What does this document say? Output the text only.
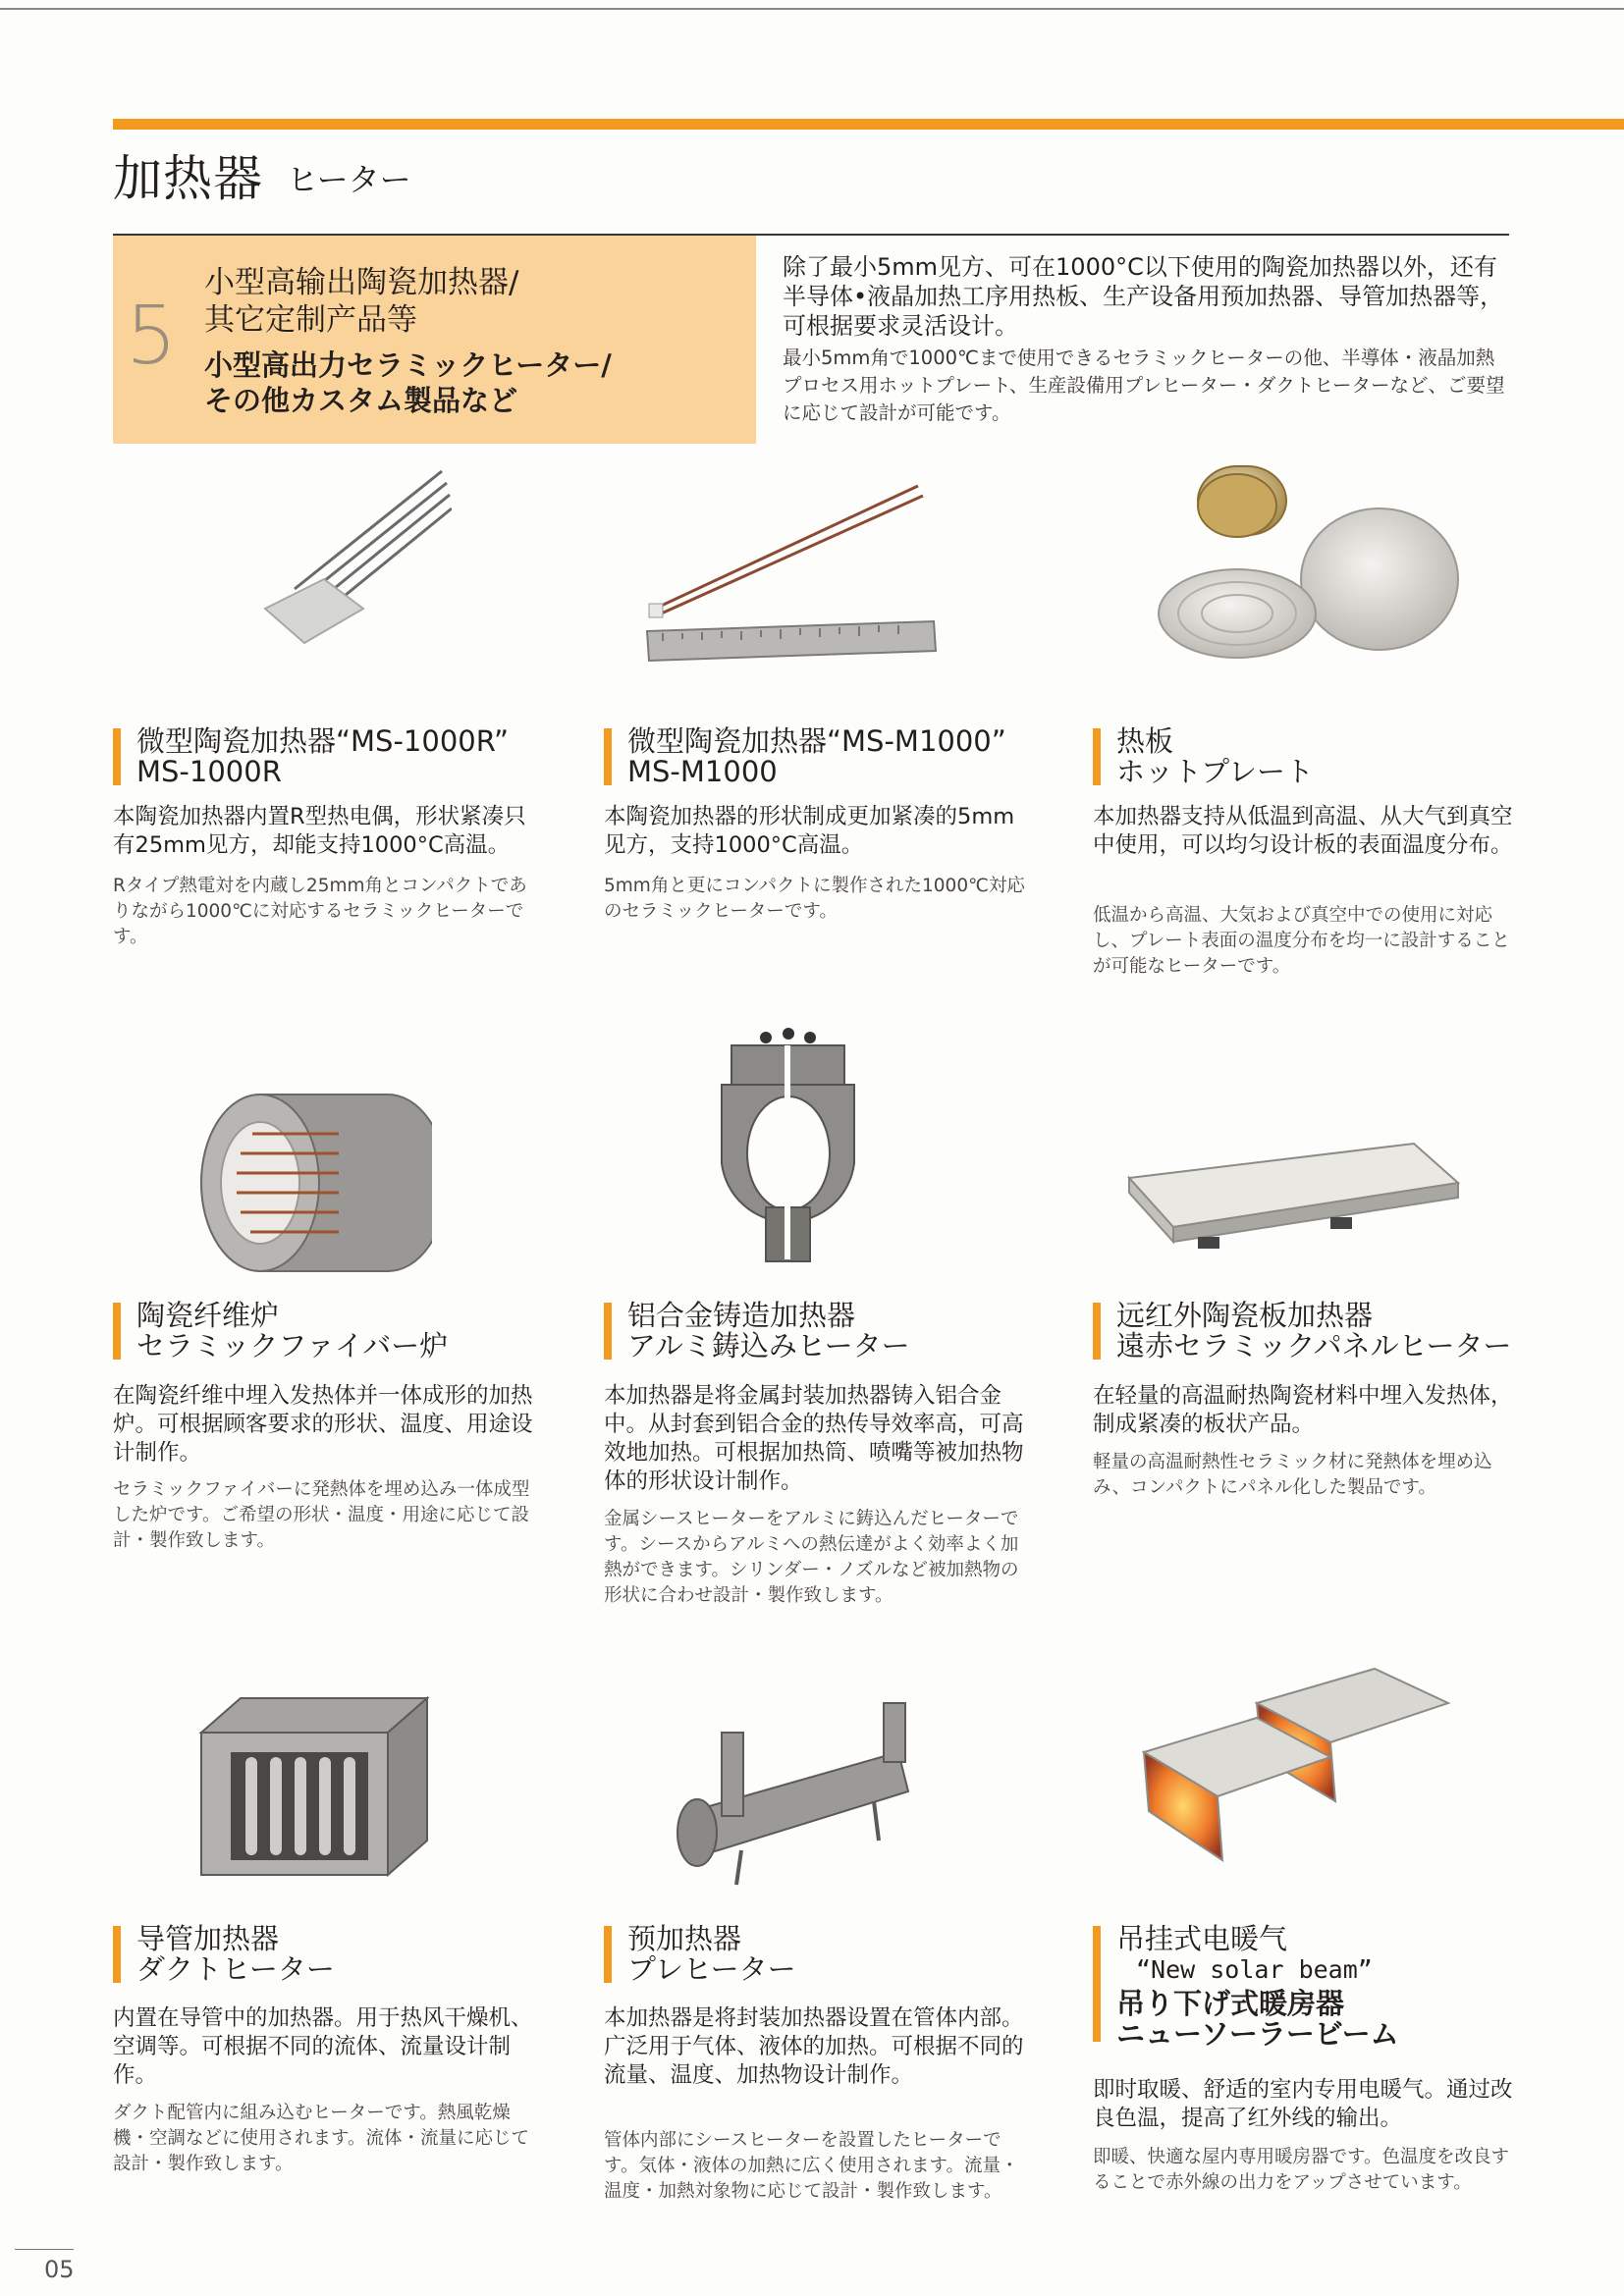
加热器 ヒーター
5
小型高输出陶瓷加热器/
其它定制产品等
小型高出力セラミックヒーター/
その他カスタム製品など
除了最小5mm见方、可在1000°C以下使用的陶瓷加热器以外，还有半导体•液晶加热工序用热板、生产设备用预加热器、导管加热器等，可根据要求灵活设计。
最小5mm角で1000℃まで使用できるセラミックヒーターの他、半導体・液晶加熱プロセス用ホットプレート、生産設備用プレヒーター・ダクトヒーターなど、ご要望に応じて設計が可能です。
微型陶瓷加热器“MS-1000R”
MS-1000R
本陶瓷加热器内置R型热电偶，形状紧凑只有25mm见方，却能支持1000°C高温。
Rタイプ熱電対を内蔵し25mm角とコンパクトでありながら1000℃に対応するセラミックヒーターです。
微型陶瓷加热器“MS-M1000”
MS-M1000
本陶瓷加热器的形状制成更加紧凑的5mm见方，支持1000°C高温。
5mm角と更にコンパクトに製作された1000℃対応のセラミックヒーターです。
热板
ホットプレート
本加热器支持从低温到高温、从大气到真空中使用，可以均匀设计板的表面温度分布。
低温から高温、大気および真空中での使用に対応し、プレート表面の温度分布を均一に設計することが可能なヒーターです。
陶瓷纤维炉
セラミックファイバー炉
在陶瓷纤维中埋入发热体并一体成形的加热炉。可根据顾客要求的形状、温度、用途设计制作。
セラミックファイバーに発熱体を埋め込み一体成型した炉です。ご希望の形状・温度・用途に応じて設計・製作致します。
铝合金铸造加热器
アルミ鋳込みヒーター
本加热器是将金属封装加热器铸入铝合金中。从封套到铝合金的热传导效率高，可高效地加热。可根据加热筒、喷嘴等被加热物体的形状设计制作。
金属シースヒーターをアルミに鋳込んだヒーターです。シースからアルミへの熱伝達がよく効率よく加熱ができます。シリンダー・ノズルなど被加熱物の形状に合わせ設計・製作致します。
远红外陶瓷板加热器
遠赤セラミックパネルヒーター
在轻量的高温耐热陶瓷材料中埋入发热体，制成紧凑的板状产品。
軽量の高温耐熱性セラミック材に発熱体を埋め込み、コンパクトにパネル化した製品です。
导管加热器
ダクトヒーター
内置在导管中的加热器。用于热风干燥机、空调等。可根据不同的流体、流量设计制作。
ダクト配管内に組み込むヒーターです。熱風乾燥機・空調などに使用されます。流体・流量に応じて設計・製作致します。
预加热器
プレヒーター
本加热器是将封装加热器设置在管体内部。广泛用于气体、液体的加热。可根据不同的流量、温度、加热物设计制作。
管体内部にシースヒーターを設置したヒーターです。気体・液体の加熱に広く使用されます。流量・温度・加熱対象物に応じて設計・製作致します。
吊挂式电暖气
“New solar beam”
吊り下げ式暖房器
ニューソーラービーム
即时取暖、舒适的室内专用电暖气。通过改良色温，提高了红外线的输出。
即暖、快適な屋内専用暖房器です。色温度を改良することで赤外線の出力をアップさせています。
05
